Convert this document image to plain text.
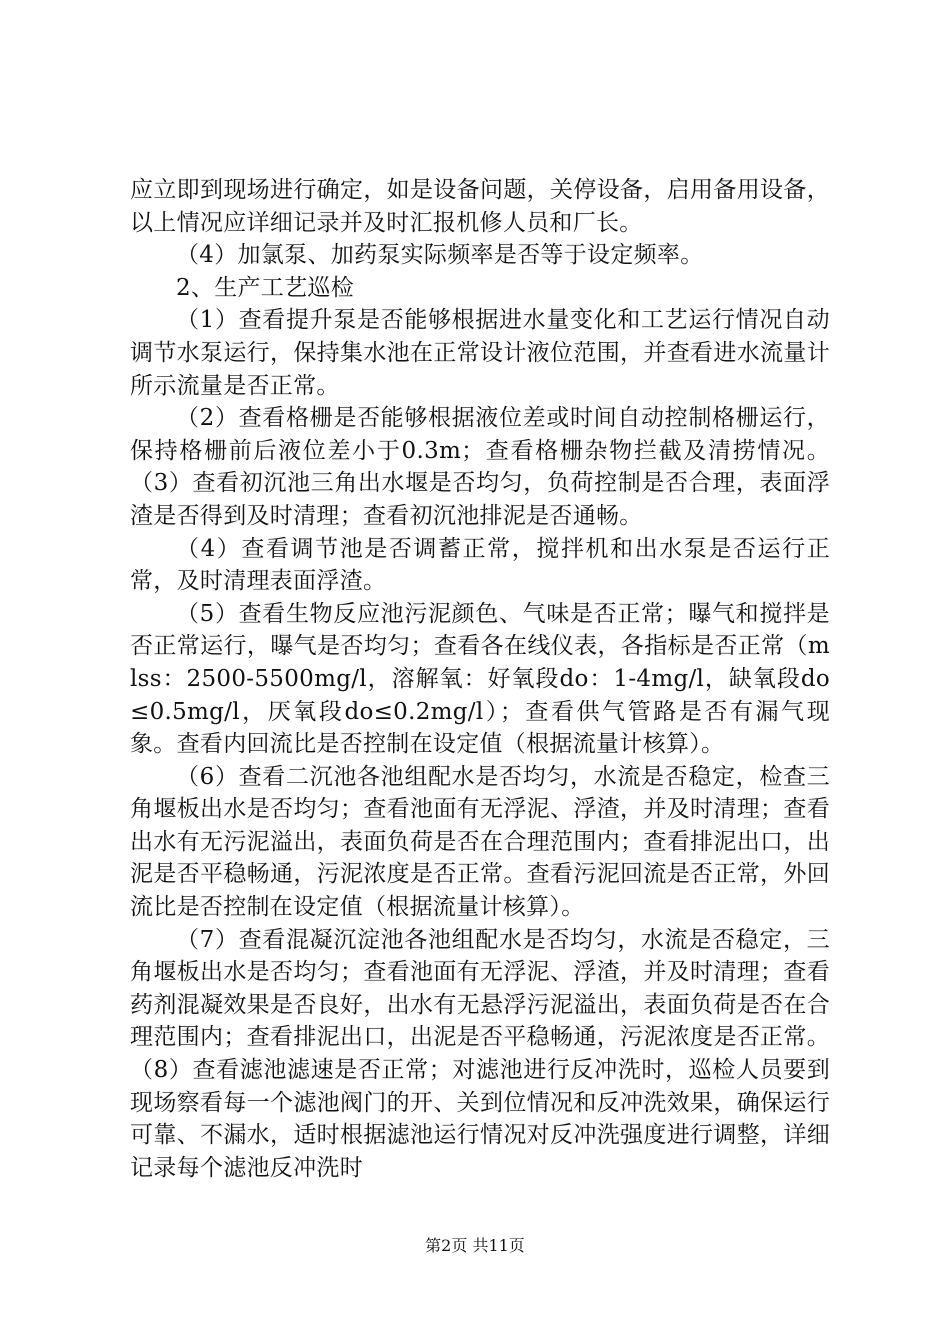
应立即到现场进行确定，如是设备问题，关停设备，启用备用设备，以上情况应详细记录并及时汇报机修人员和厂长。

（4）加氯泵、加药泵实际频率是否等于设定频率。

2、生产工艺巡检

（1）查看提升泵是否能够根据进水量变化和工艺运行情况自动调节水泵运行，保持集水池在正常设计液位范围，并查看进水流量计所示流量是否正常。

（2）查看格栅是否能够根据液位差或时间自动控制格栅运行，保持格栅前后液位差小于0.3m；查看格栅杂物拦截及清捞情况。（3）查看初沉池三角出水堰是否均匀，负荷控制是否合理，表面浮渣是否得到及时清理；查看初沉池排泥是否通畅。

（4）查看调节池是否调蓄正常，搅拌机和出水泵是否运行正常，及时清理表面浮渣。

（5）查看生物反应池污泥颜色、气味是否正常；曝气和搅拌是否正常运行，曝气是否均匀；查看各在线仪表，各指标是否正常（mlss：2500-5500mg/l，溶解氧：好氧段do：1-4mg/l，缺氧段do≤0.5mg/l，厌氧段do≤0.2mg/l）；查看供气管路是否有漏气现象。查看内回流比是否控制在设定值（根据流量计核算）。

（6）查看二沉池各池组配水是否均匀，水流是否稳定，检查三角堰板出水是否均匀；查看池面有无浮泥、浮渣，并及时清理；查看出水有无污泥溢出，表面负荷是否在合理范围内；查看排泥出口，出泥是否平稳畅通，污泥浓度是否正常。查看污泥回流是否正常，外回流比是否控制在设定值（根据流量计核算）。

（7）查看混凝沉淀池各池组配水是否均匀，水流是否稳定，三角堰板出水是否均匀；查看池面有无浮泥、浮渣，并及时清理；查看药剂混凝效果是否良好，出水有无悬浮污泥溢出，表面负荷是否在合理范围内；查看排泥出口，出泥是否平稳畅通，污泥浓度是否正常。（8）查看滤池滤速是否正常；对滤池进行反冲洗时，巡检人员要到现场察看每一个滤池阀门的开、关到位情况和反冲洗效果，确保运行可靠、不漏水，适时根据滤池运行情况对反冲洗强度进行调整，详细记录每个滤池反冲洗时

第2页 共11页
